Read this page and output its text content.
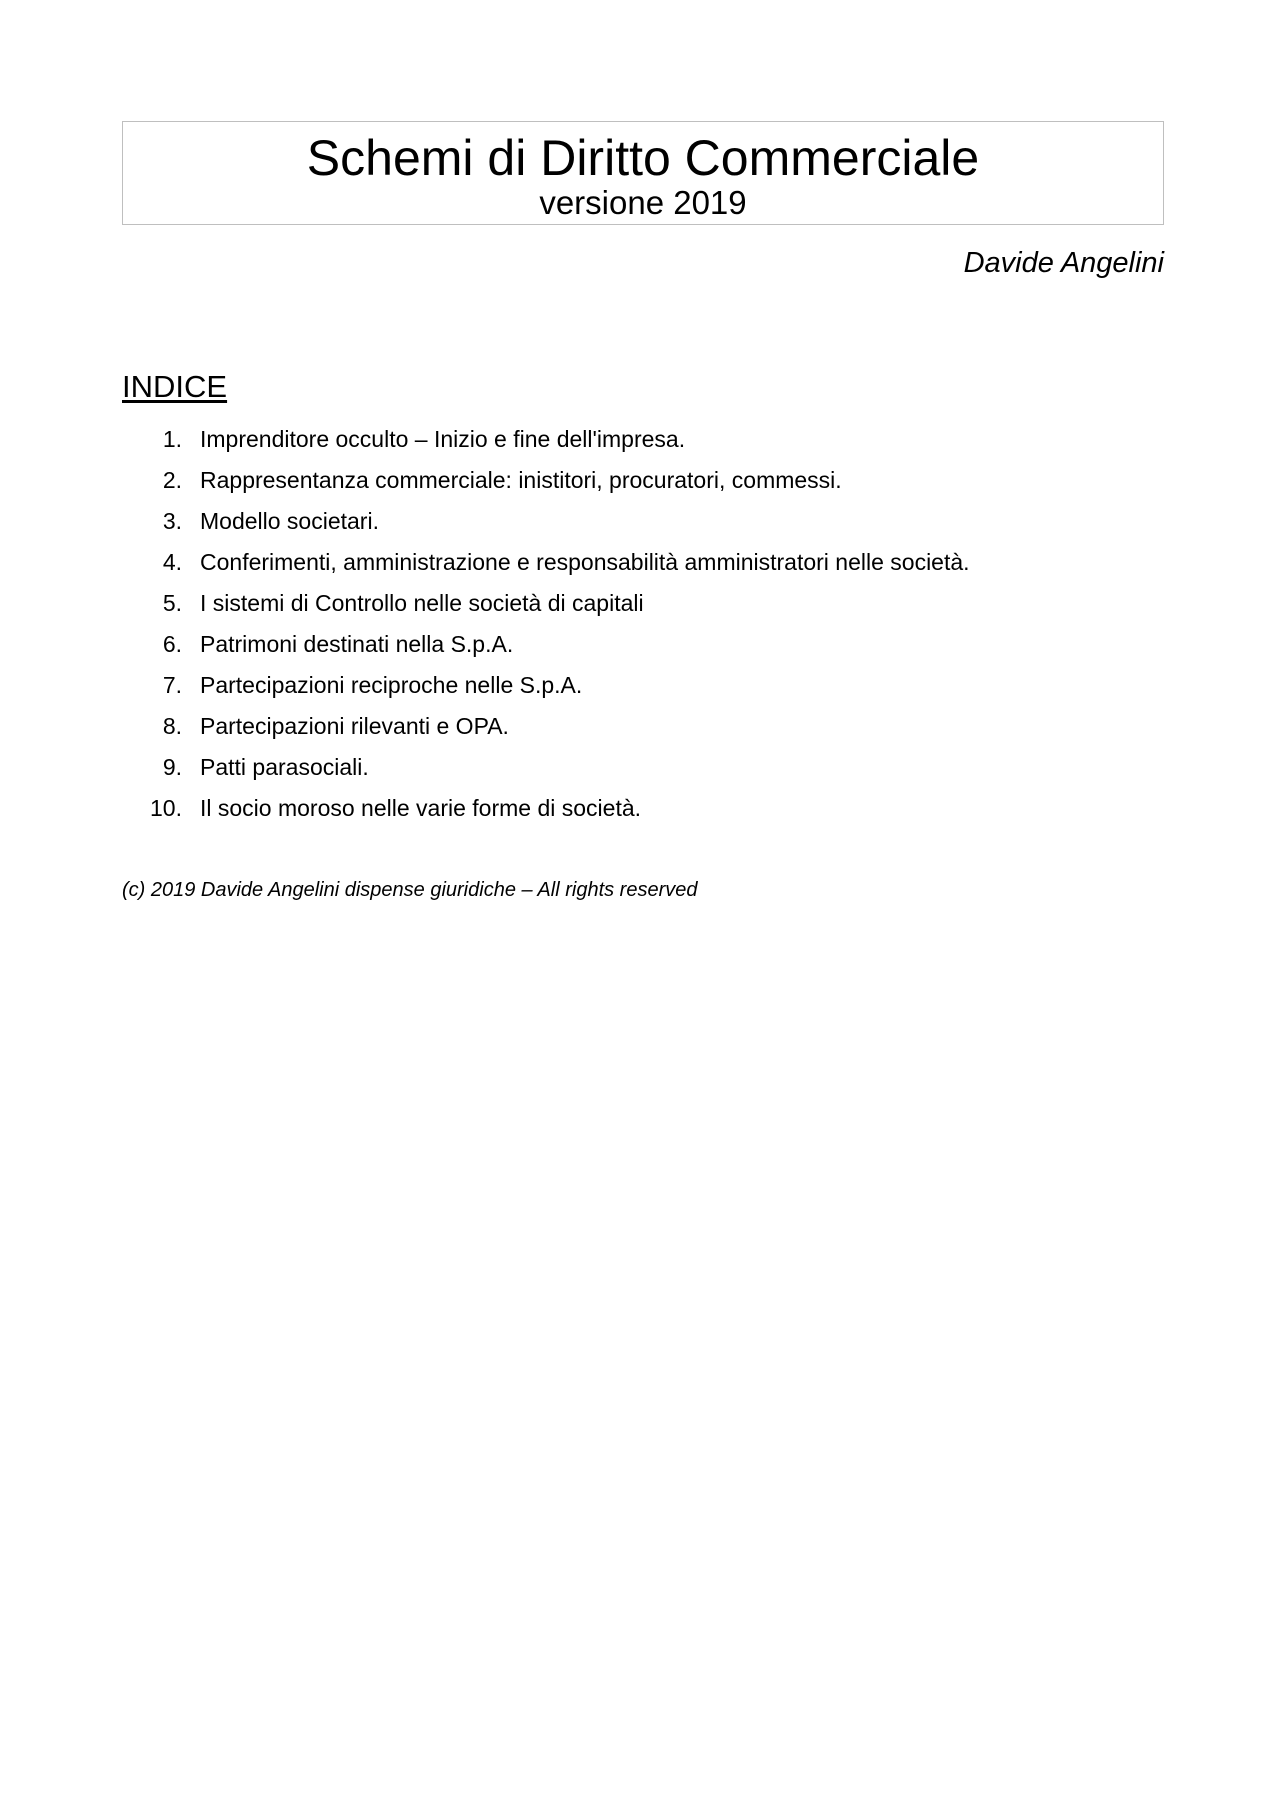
Schemi di Diritto Commerciale
versione 2019
Davide Angelini
INDICE
1. Imprenditore occulto – Inizio e fine dell'impresa.
2. Rappresentanza commerciale: inistitori, procuratori, commessi.
3. Modello societari.
4. Conferimenti, amministrazione e responsabilità amministratori nelle società.
5. I sistemi di Controllo nelle società di capitali
6. Patrimoni destinati nella S.p.A.
7. Partecipazioni reciproche nelle S.p.A.
8. Partecipazioni rilevanti e OPA.
9. Patti parasociali.
10. Il socio moroso nelle varie forme di società.
(c) 2019 Davide Angelini dispense giuridiche – All rights reserved
